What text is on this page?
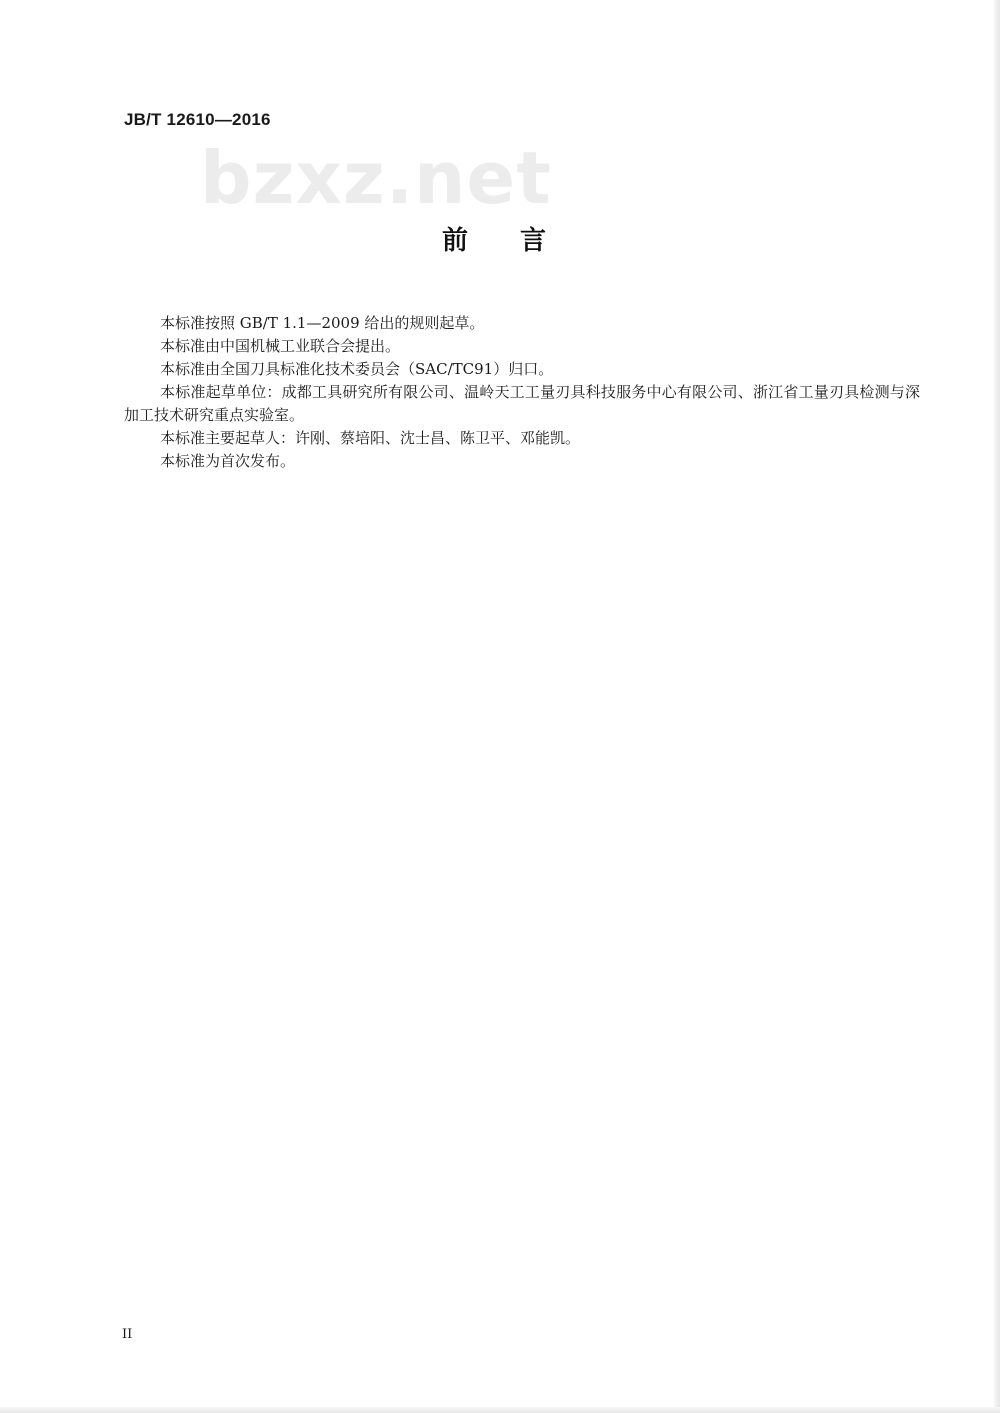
JB/T 12610—2016
bzxz.net
前言

本标准按照 GB/T 1.1—2009 给出的规则起草。

本标准由中国机械工业联合会提出。

本标准由全国刀具标准化技术委员会（SAC/TC91）归口。

本标准起草单位：成都工具研究所有限公司、温岭天工工量刃具科技服务中心有限公司、浙江省工量刃具检测与深加工技术研究重点实验室。

本标准主要起草人：许刚、蔡培阳、沈士昌、陈卫平、邓能凯。

本标准为首次发布。

II
